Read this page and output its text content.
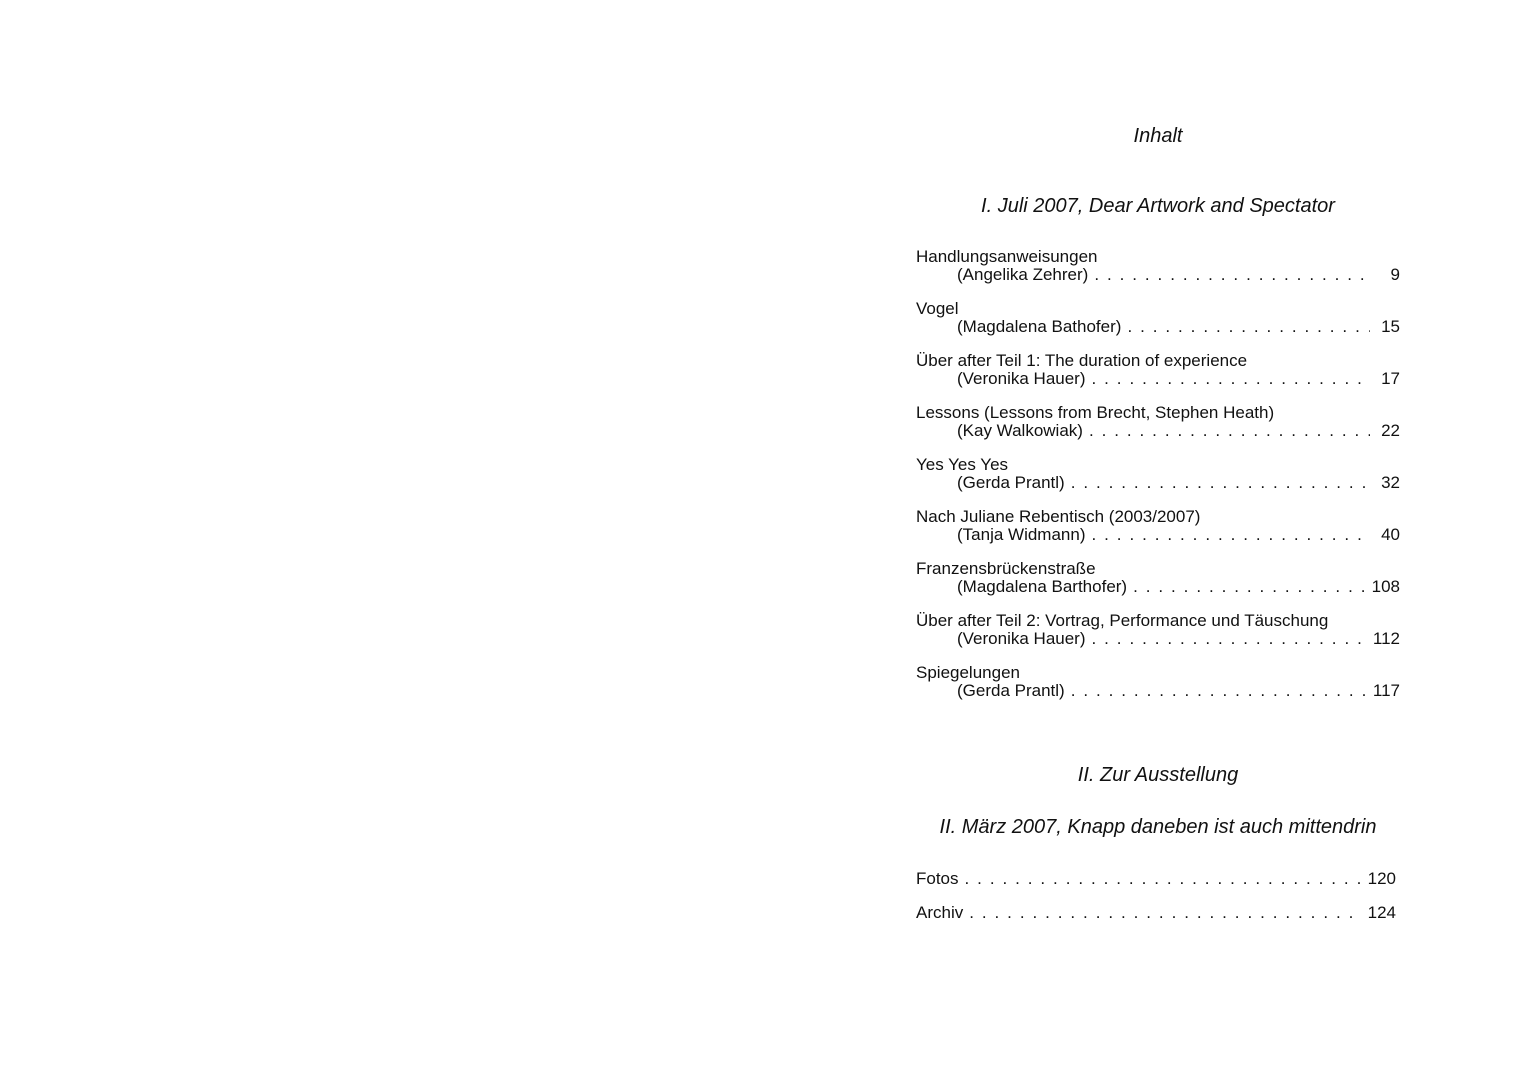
Inhalt
I. Juli 2007, Dear Artwork and Spectator
Handlungsanweisungen
(Angelika Zehrer) . . .	9
Vogel
(Magdalena Bathofer) . . .	15
Über after Teil 1: The duration of experience
(Veronika Hauer) . . .	17
Lessons (Lessons from Brecht, Stephen Heath)
(Kay Walkowiak) . . .	22
Yes Yes Yes
(Gerda Prantl) . . .	32
Nach Juliane Rebentisch (2003/2007)
(Tanja Widmann) . . .	40
Franzensbrückenstraße
(Magdalena Barthofer) . . .	108
Über after Teil 2: Vortrag, Performance und Täuschung
(Veronika Hauer) . . .	112
Spiegelungen
(Gerda Prantl) . . .	117
II. Zur Ausstellung
II. März 2007, Knapp daneben ist auch mittendrin
Fotos . . .	120
Archiv . . .	124
